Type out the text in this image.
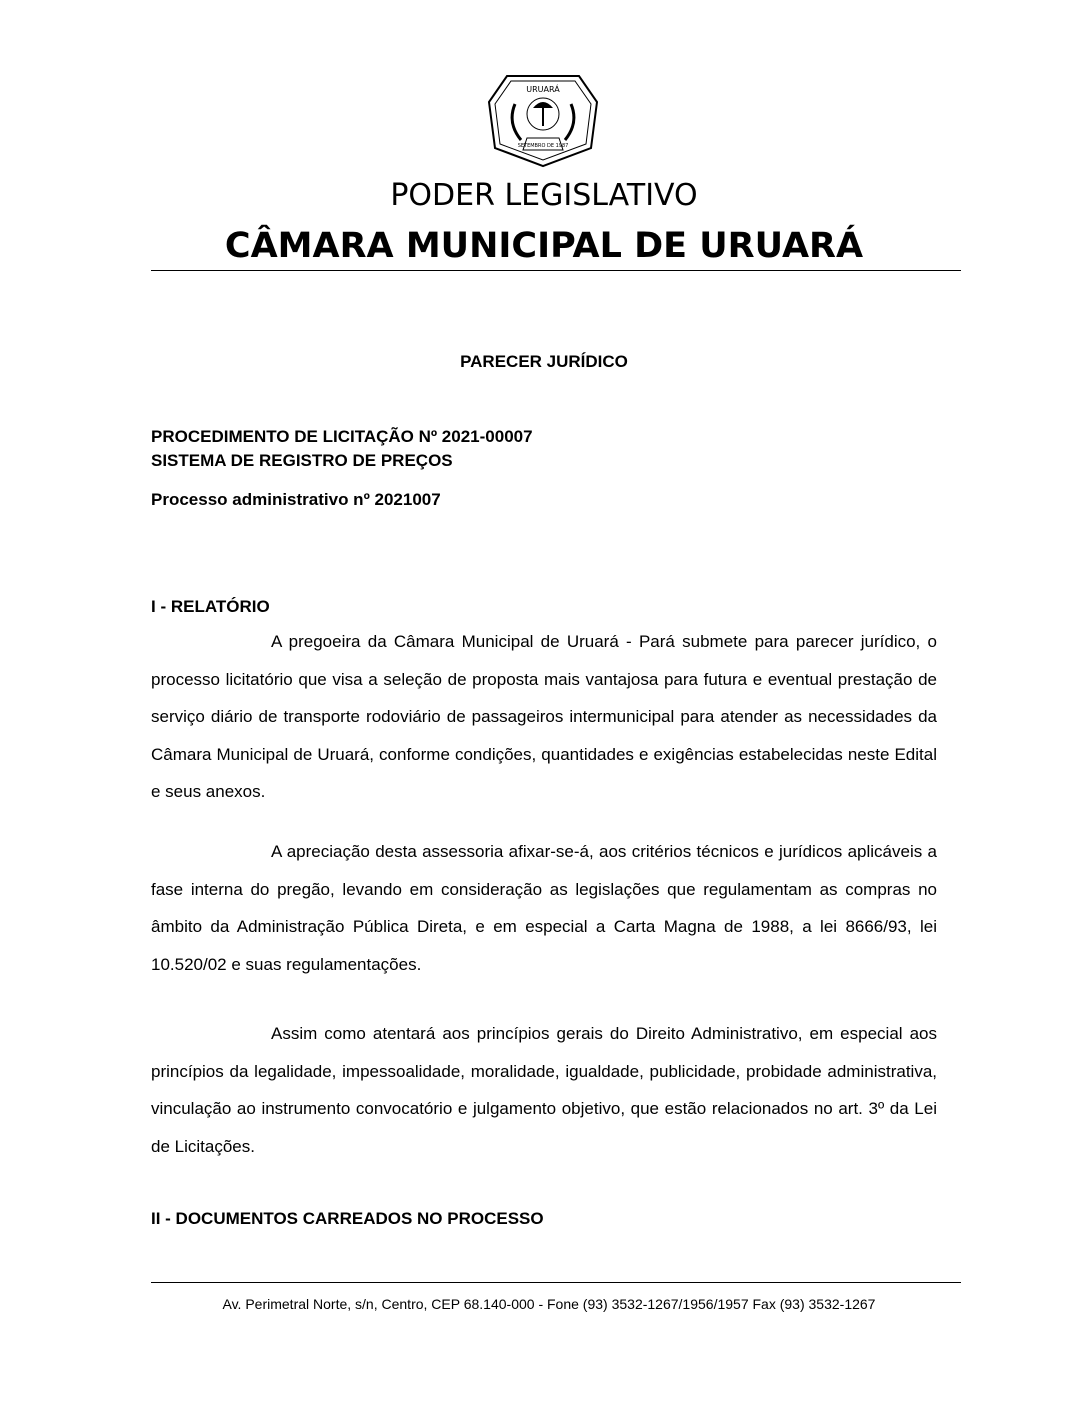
URUARÁ
SETEMBRO DE 1987
PODER LEGISLATIVO
CÂMARA MUNICIPAL DE URUARÁ
PARECER JURÍDICO
PROCEDIMENTO DE LICITAÇÃO Nº 2021-00007
SISTEMA DE REGISTRO DE PREÇOS
Processo administrativo nº 2021007
I - RELATÓRIO

A pregoeira da Câmara Municipal de Uruará - Pará submete para parecer jurídico, o processo licitatório que visa a seleção de proposta mais vantajosa para futura e eventual prestação de serviço diário de transporte rodoviário de passageiros intermunicipal para atender as necessidades da Câmara Municipal de Uruará, conforme condições, quantidades e exigências estabelecidas neste Edital e seus anexos.

A apreciação desta assessoria afixar-se-á, aos critérios técnicos e jurídicos aplicáveis a fase interna do pregão, levando em consideração as legislações que regulamentam as compras no âmbito da Administração Pública Direta, e em especial a Carta Magna de 1988, a lei 8666/93, lei 10.520/02 e suas regulamentações.

Assim como atentará aos princípios gerais do Direito Administrativo, em especial aos princípios da legalidade, impessoalidade, moralidade, igualdade, publicidade, probidade administrativa, vinculação ao instrumento convocatório e julgamento objetivo, que estão relacionados no art. 3º da Lei de Licitações.

II - DOCUMENTOS CARREADOS NO PROCESSO
Av. Perimetral Norte, s/n, Centro, CEP 68.140-000 - Fone (93) 3532-1267/1956/1957 Fax (93) 3532-1267
